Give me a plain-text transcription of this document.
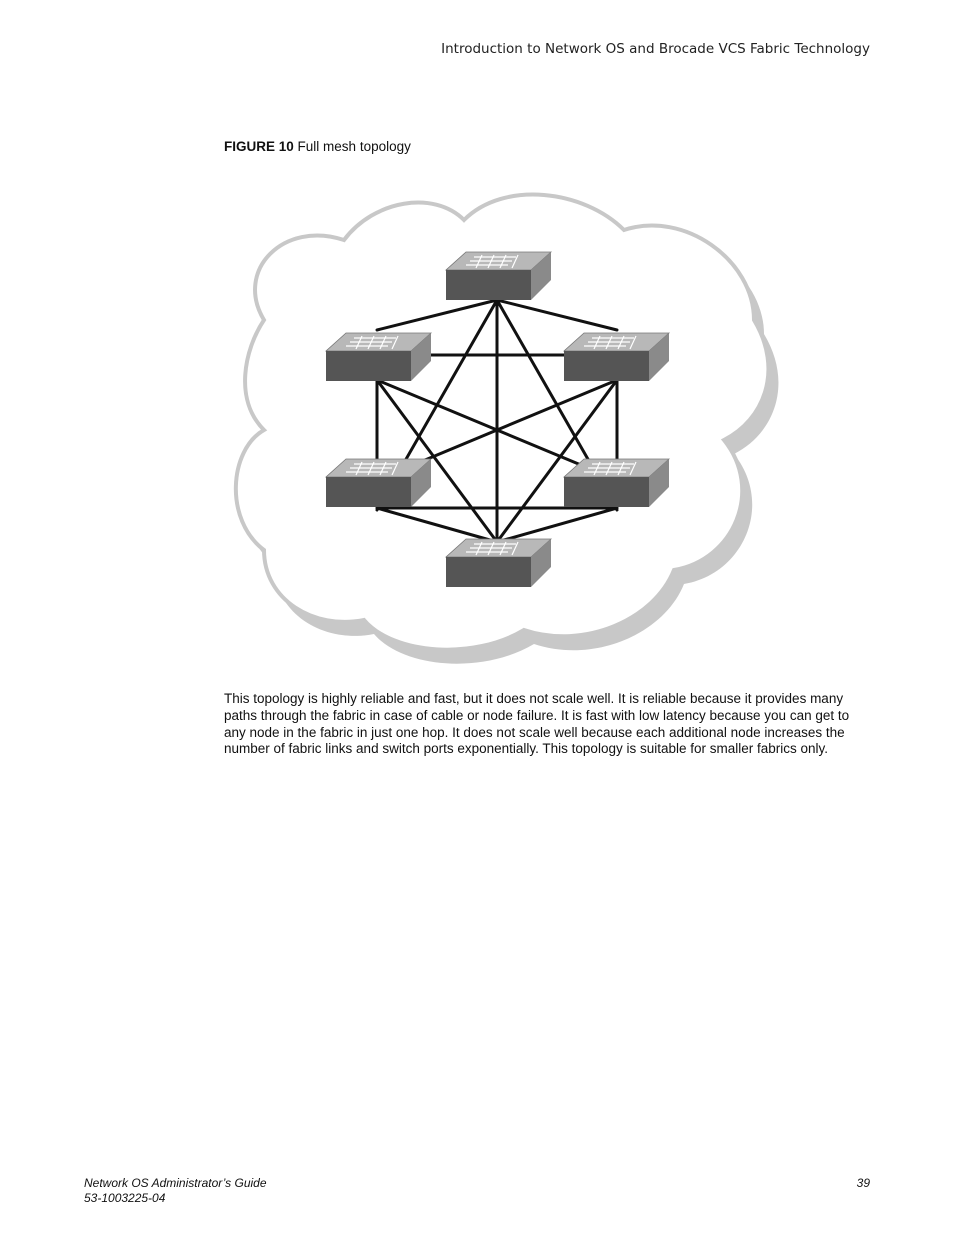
Introduction to Network OS and Brocade VCS Fabric Technology
FIGURE 10 Full mesh topology
This topology is highly reliable and fast, but it does not scale well. It is reliable because it provides many paths through the fabric in case of cable or node failure. It is fast with low latency because you can get to any node in the fabric in just one hop. It does not scale well because each additional node increases the number of fabric links and switch ports exponentially. This topology is suitable for smaller fabrics only.
Network OS Administrator’s Guide
53-1003225-04
39
